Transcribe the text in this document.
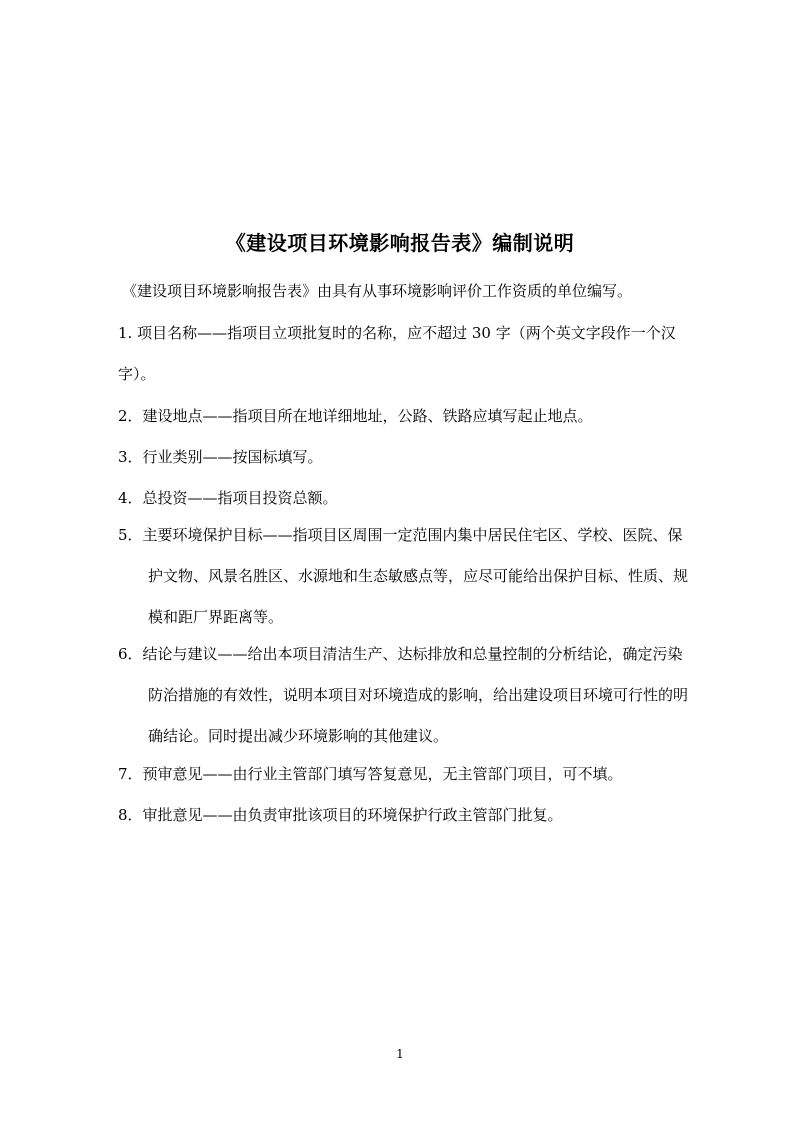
《建设项目环境影响报告表》编制说明
《建设项目环境影响报告表》由具有从事环境影响评价工作资质的单位编写。
1. 项目名称——指项目立项批复时的名称，应不超过 30 字（两个英文字段作一个汉字）。
2．建设地点——指项目所在地详细地址，公路、铁路应填写起止地点。
3．行业类别——按国标填写。
4．总投资——指项目投资总额。
5．主要环境保护目标——指项目区周围一定范围内集中居民住宅区、学校、医院、保护文物、风景名胜区、水源地和生态敏感点等，应尽可能给出保护目标、性质、规模和距厂界距离等。
6．结论与建议——给出本项目清洁生产、达标排放和总量控制的分析结论，确定污染防治措施的有效性，说明本项目对环境造成的影响，给出建设项目环境可行性的明确结论。同时提出减少环境影响的其他建议。
7．预审意见——由行业主管部门填写答复意见，无主管部门项目，可不填。
8．审批意见——由负责审批该项目的环境保护行政主管部门批复。
1
